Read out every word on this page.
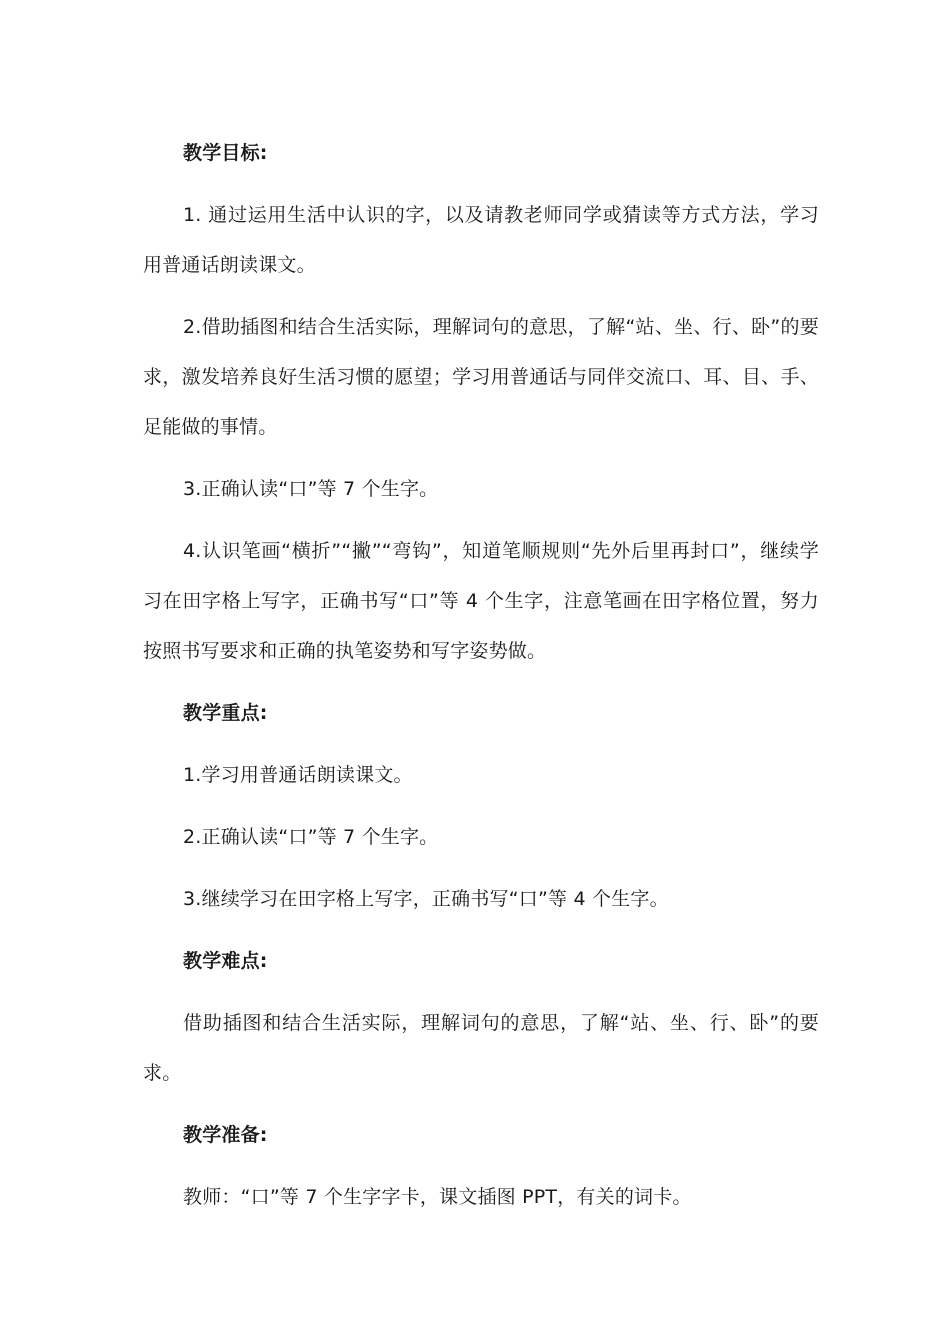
教学目标:

1. 通过运用生活中认识的字，以及请教老师同学或猜读等方式方法，学习用普通话朗读课文。

2.借助插图和结合生活实际，理解词句的意思，了解“站、坐、行、卧”的要求，激发培养良好生活习惯的愿望；学习用普通话与同伴交流口、耳、目、手、足能做的事情。

3.正确认读“口”等 7 个生字。

4.认识笔画“横折”“撇”“弯钩”，知道笔顺规则“先外后里再封口”，继续学习在田字格上写字，正确书写“口”等 4 个生字，注意笔画在田字格位置，努力按照书写要求和正确的执笔姿势和写字姿势做。

教学重点:

1.学习用普通话朗读课文。

2.正确认读“口”等 7 个生字。

3.继续学习在田字格上写字，正确书写“口”等 4 个生字。

教学难点:

借助插图和结合生活实际，理解词句的意思，了解“站、坐、行、卧”的要求。

教学准备:

教师：“口”等 7 个生字字卡，课文插图 PPT，有关的词卡。
